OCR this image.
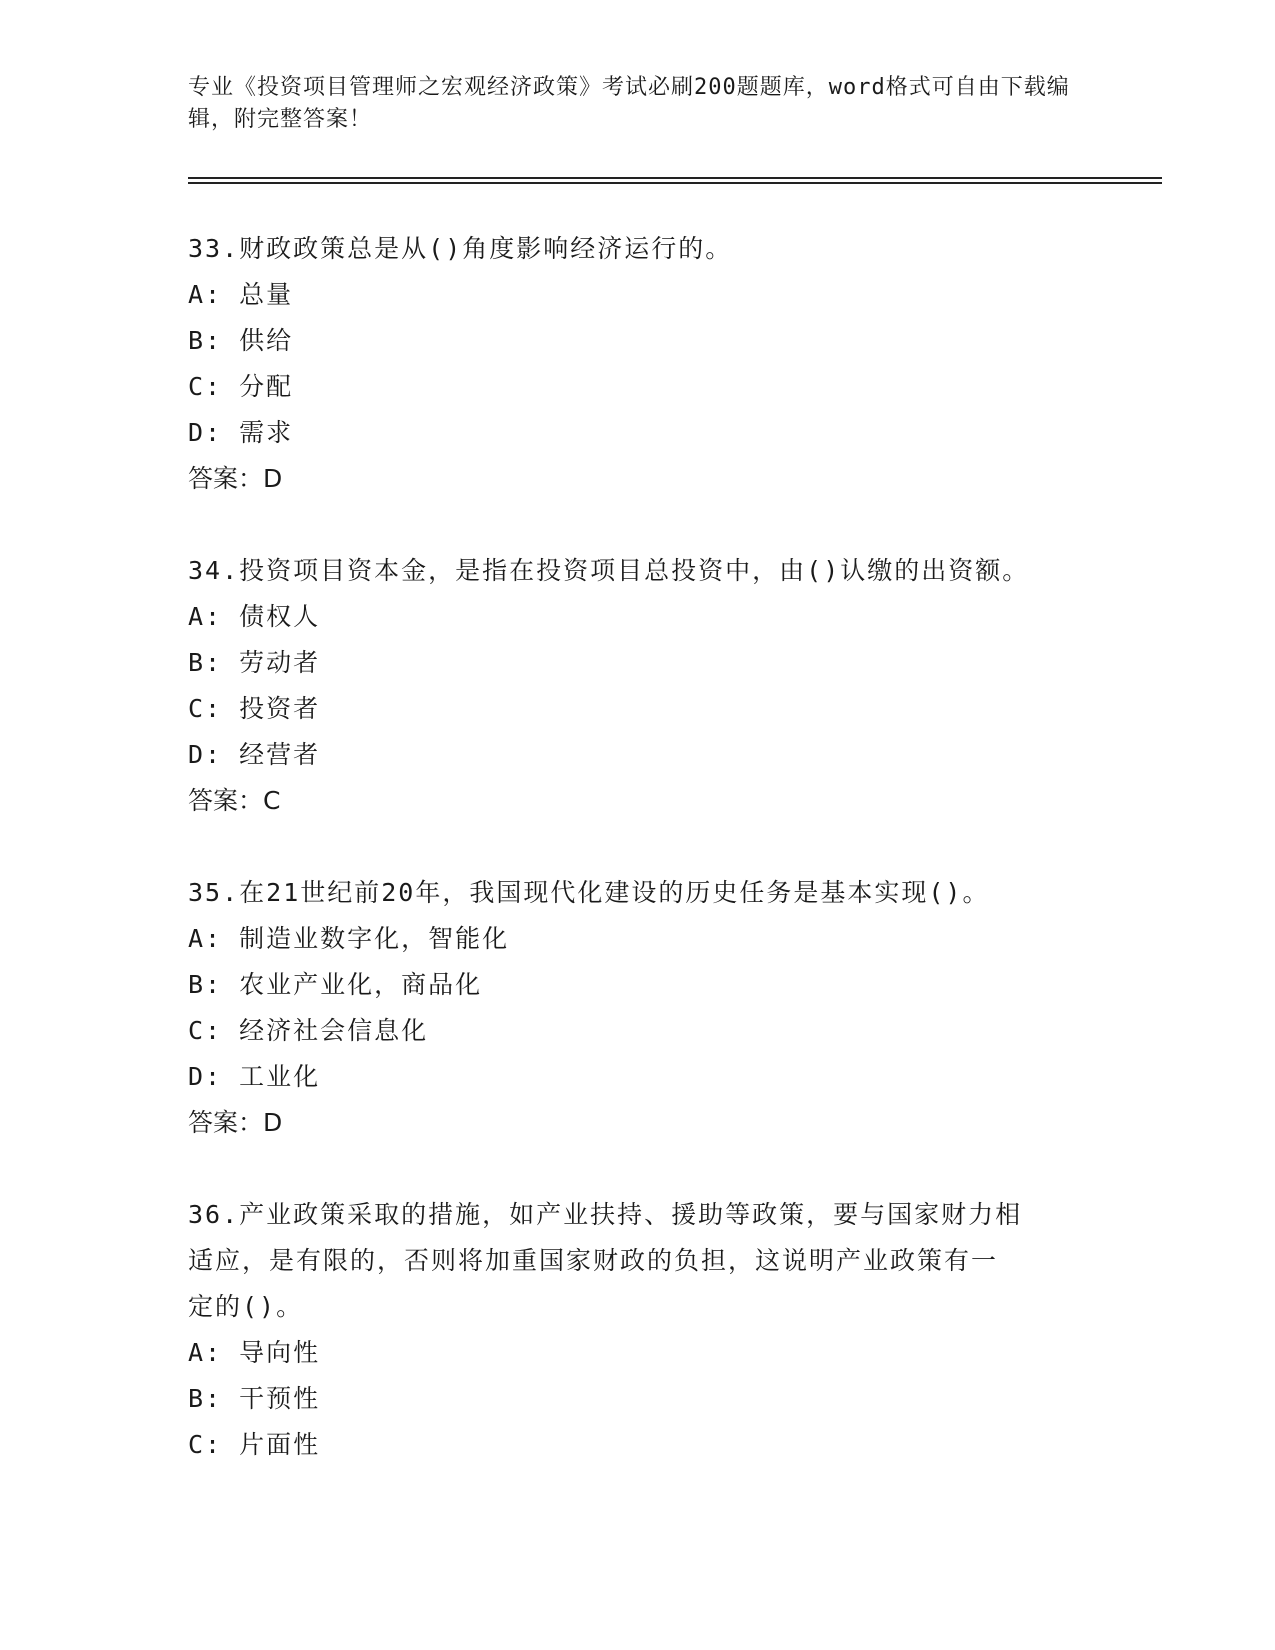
专业《投资项目管理师之宏观经济政策》考试必刷200题题库，word格式可自由下载编辑，附完整答案！
33.财政政策总是从()角度影响经济运行的。
A: 总量
B: 供给
C: 分配
D: 需求
答案：D
34.投资项目资本金，是指在投资项目总投资中，由()认缴的出资额。
A: 债权人
B: 劳动者
C: 投资者
D: 经营者
答案：C
35.在21世纪前20年，我国现代化建设的历史任务是基本实现()。
A: 制造业数字化，智能化
B: 农业产业化，商品化
C: 经济社会信息化
D: 工业化
答案：D
36.产业政策采取的措施，如产业扶持、援助等政策，要与国家财力相
适应，是有限的，否则将加重国家财政的负担，这说明产业政策有一
定的()。
A: 导向性
B: 干预性
C: 片面性
